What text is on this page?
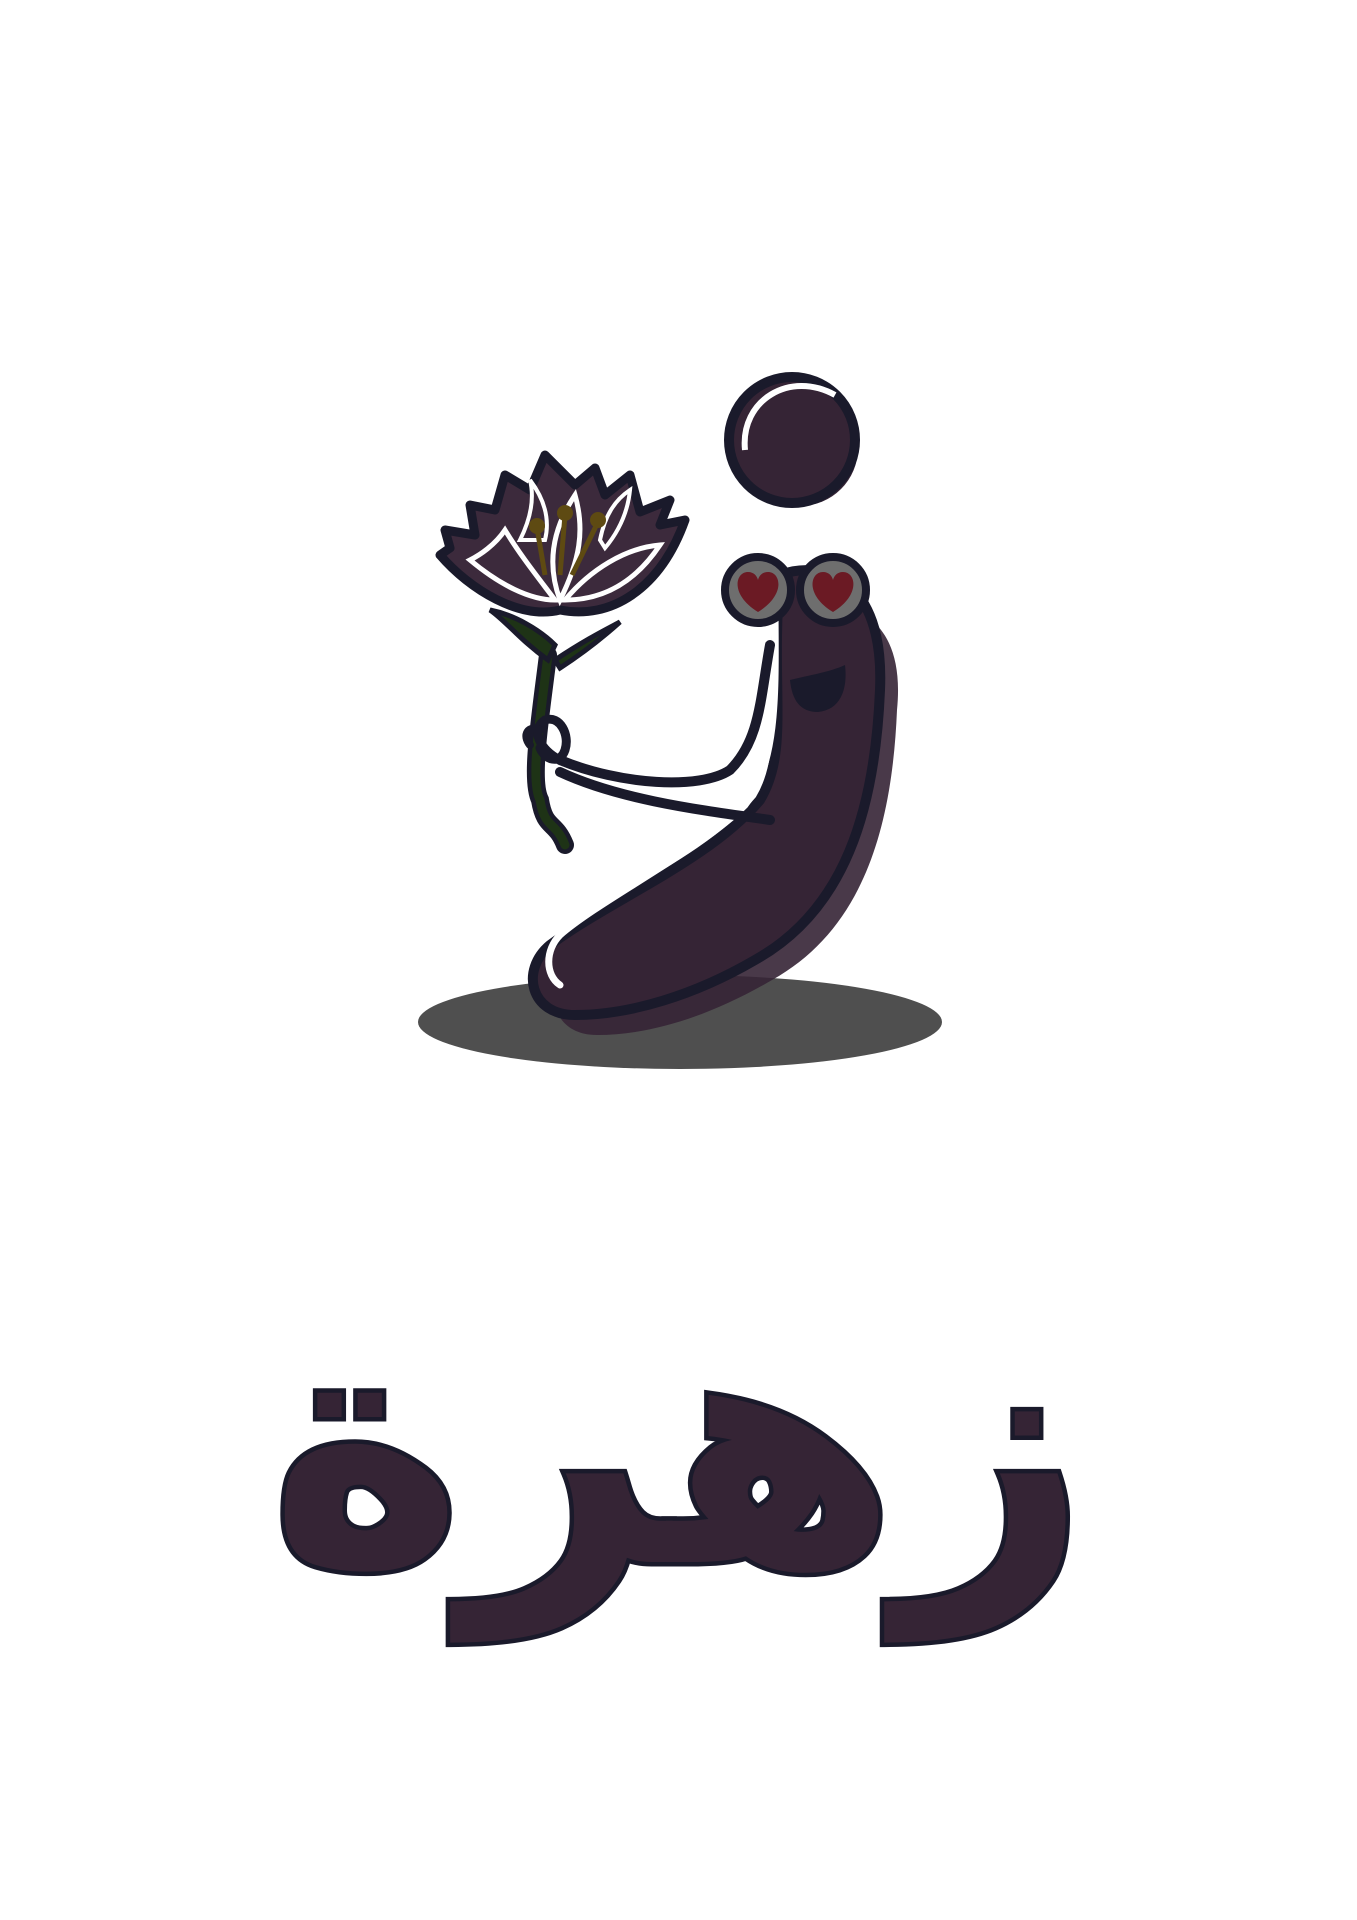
زهرة
